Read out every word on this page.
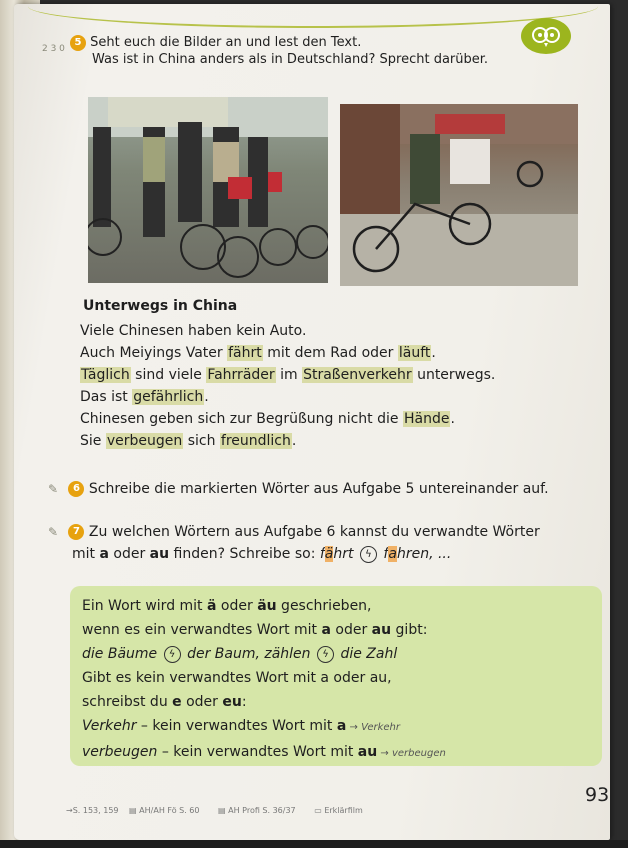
2 3 0
5 Seht euch die Bilder an und lest den Text.
Was ist in China anders als in Deutschland? Sprecht darüber.
Unterwegs in China
Viele Chinesen haben kein Auto.
Auch Meiyings Vater fährt mit dem Rad oder läuft.
Täglich sind viele Fahrräder im Straßenverkehr unterwegs.
Das ist gefährlich.
Chinesen geben sich zur Begrüßung nicht die Hände.
Sie verbeugen sich freundlich.
✎ 6 Schreibe die markierten Wörter aus Aufgabe 5 untereinander auf.
✎ 7 Zu welchen Wörtern aus Aufgabe 6 kannst du verwandte Wörter
mit a oder au finden? Schreibe so: fährt ϟ fahren, ...
Ein Wort wird mit ä oder äu geschrieben,
wenn es ein verwandtes Wort mit a oder au gibt:
die Bäume ϟ der Baum, zählen ϟ die Zahl
Gibt es kein verwandtes Wort mit a oder au,
schreibst du e oder eu:
Verkehr – kein verwandtes Wort mit a → Verkehr
verbeugen – kein verwandtes Wort mit au → verbeugen
→S. 153, 159 ▤ AH/AH Fö S. 60 ▤ AH Profi S. 36/37 ▭ Erklärfilm
93
